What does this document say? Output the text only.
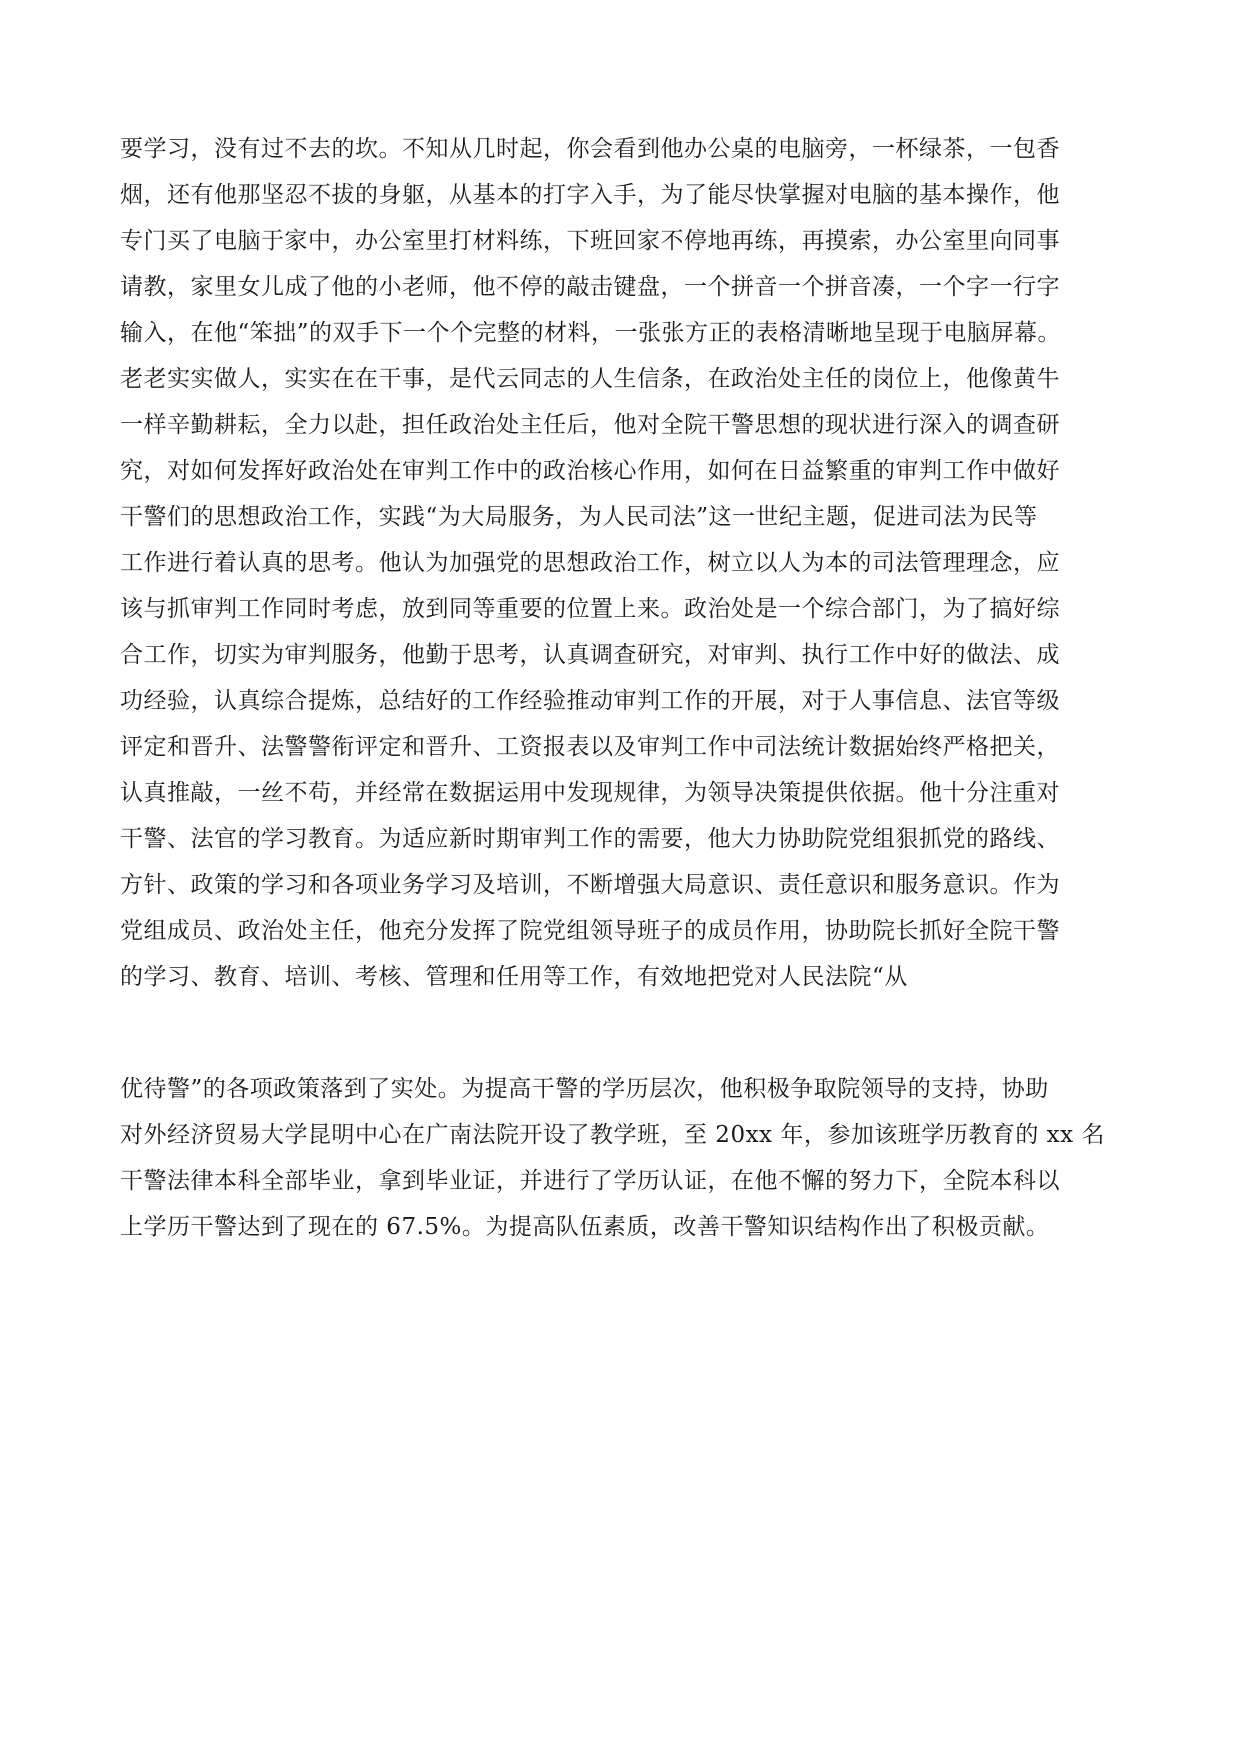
要学习，没有过不去的坎。不知从几时起，你会看到他办公桌的电脑旁，一杯绿茶，一包香
烟，还有他那坚忍不拔的身躯，从基本的打字入手，为了能尽快掌握对电脑的基本操作，他
专门买了电脑于家中，办公室里打材料练，下班回家不停地再练，再摸索，办公室里向同事
请教，家里女儿成了他的小老师，他不停的敲击键盘，一个拼音一个拼音凑，一个字一行字
输入，在他“笨拙”的双手下一个个完整的材料，一张张方正的表格清晰地呈现于电脑屏幕。
老老实实做人，实实在在干事，是代云同志的人生信条，在政治处主任的岗位上，他像黄牛
一样辛勤耕耘，全力以赴，担任政治处主任后，他对全院干警思想的现状进行深入的调查研
究，对如何发挥好政治处在审判工作中的政治核心作用，如何在日益繁重的审判工作中做好
干警们的思想政治工作，实践“为大局服务，为人民司法”这一世纪主题，促进司法为民等
工作进行着认真的思考。他认为加强党的思想政治工作，树立以人为本的司法管理理念，应
该与抓审判工作同时考虑，放到同等重要的位置上来。政治处是一个综合部门，为了搞好综
合工作，切实为审判服务，他勤于思考，认真调查研究，对审判、执行工作中好的做法、成
功经验，认真综合提炼，总结好的工作经验推动审判工作的开展，对于人事信息、法官等级
评定和晋升、法警警衔评定和晋升、工资报表以及审判工作中司法统计数据始终严格把关，
认真推敲，一丝不苟，并经常在数据运用中发现规律，为领导决策提供依据。他十分注重对
干警、法官的学习教育。为适应新时期审判工作的需要，他大力协助院党组狠抓党的路线、
方针、政策的学习和各项业务学习及培训，不断增强大局意识、责任意识和服务意识。作为
党组成员、政治处主任，他充分发挥了院党组领导班子的成员作用，协助院长抓好全院干警
的学习、教育、培训、考核、管理和任用等工作，有效地把党对人民法院“从
优待警”的各项政策落到了实处。为提高干警的学历层次，他积极争取院领导的支持，协助
对外经济贸易大学昆明中心在广南法院开设了教学班，至 20xx 年，参加该班学历教育的 xx 名
干警法律本科全部毕业，拿到毕业证，并进行了学历认证，在他不懈的努力下，全院本科以
上学历干警达到了现在的 67.5%。为提高队伍素质，改善干警知识结构作出了积极贡献。
